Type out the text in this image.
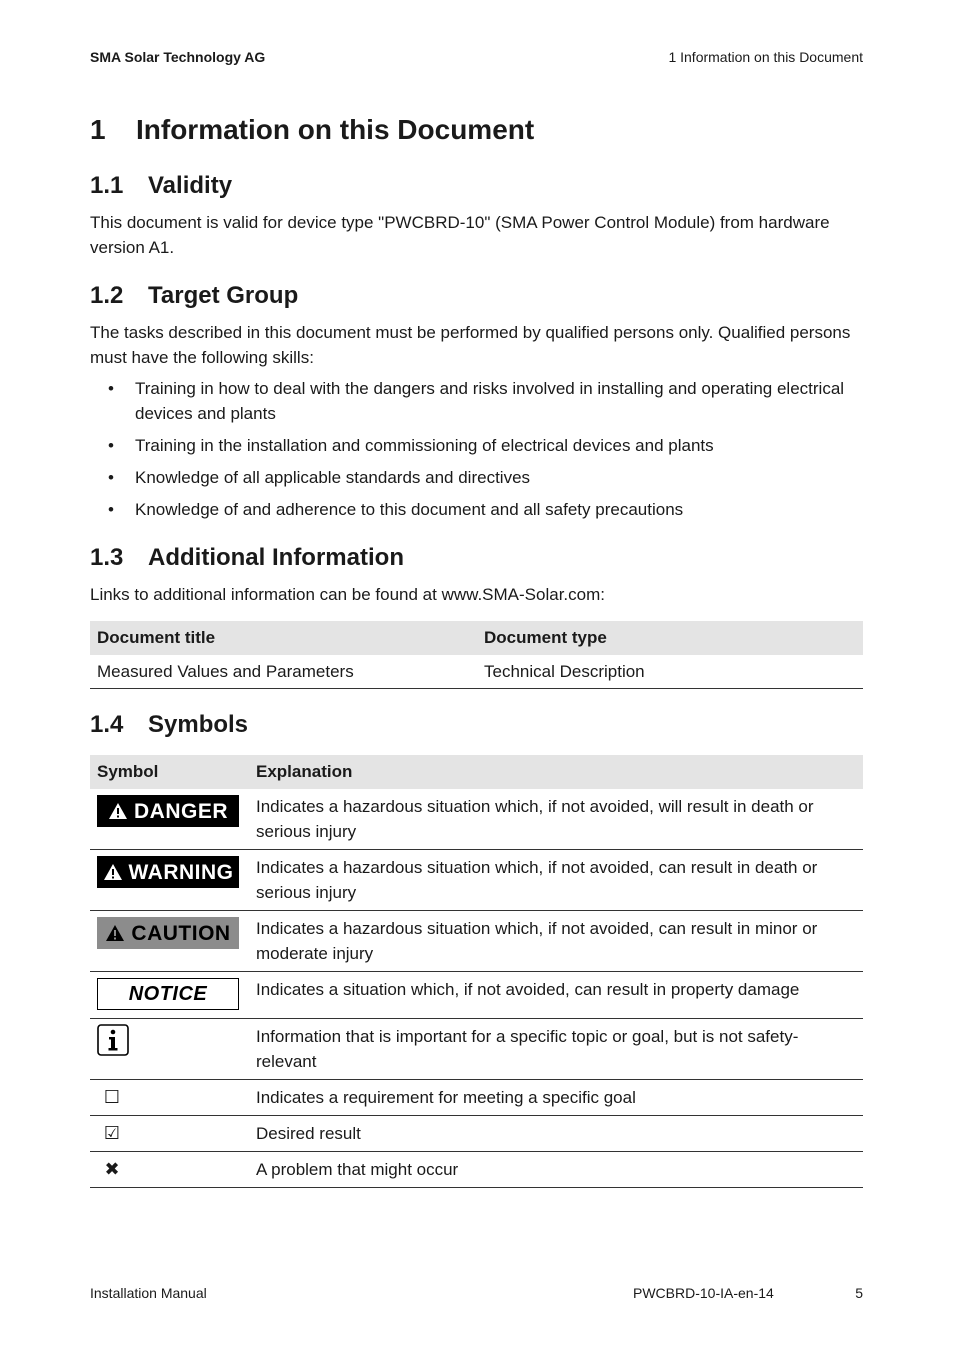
SMA Solar Technology AG	1 Information on this Document
1	Information on this Document
1.1	Validity

This document is valid for device type "PWCBRD-10" (SMA Power Control Module) from hardware version A1.

1.2	Target Group

The tasks described in this document must be performed by qualified persons only. Qualified persons must have the following skills:

• Training in how to deal with the dangers and risks involved in installing and operating electrical devices and plants
• Training in the installation and commissioning of electrical devices and plants
• Knowledge of all applicable standards and directives
• Knowledge of and adherence to this document and all safety precautions
1.3	Additional Information

Links to additional information can be found at www.SMA-Solar.com:

Document title	Document type
Measured Values and Parameters	Technical Description
1.4	Symbols
Symbol	Explanation

DANGER	Indicates a hazardous situation which, if not avoided, will result in death or serious injury

WARNING	Indicates a hazardous situation which, if not avoided, can result in death or serious injury

CAUTION	Indicates a hazardous situation which, if not avoided, can result in minor or moderate injury

NOTICE	Indicates a situation which, if not avoided, can result in property damage

	Information that is important for a specific topic or goal, but is not safety-relevant
☐	Indicates a requirement for meeting a specific goal
☑	Desired result
✖	A problem that might occur
Installation Manual	PWCBRD-10-IA-en-14	5
